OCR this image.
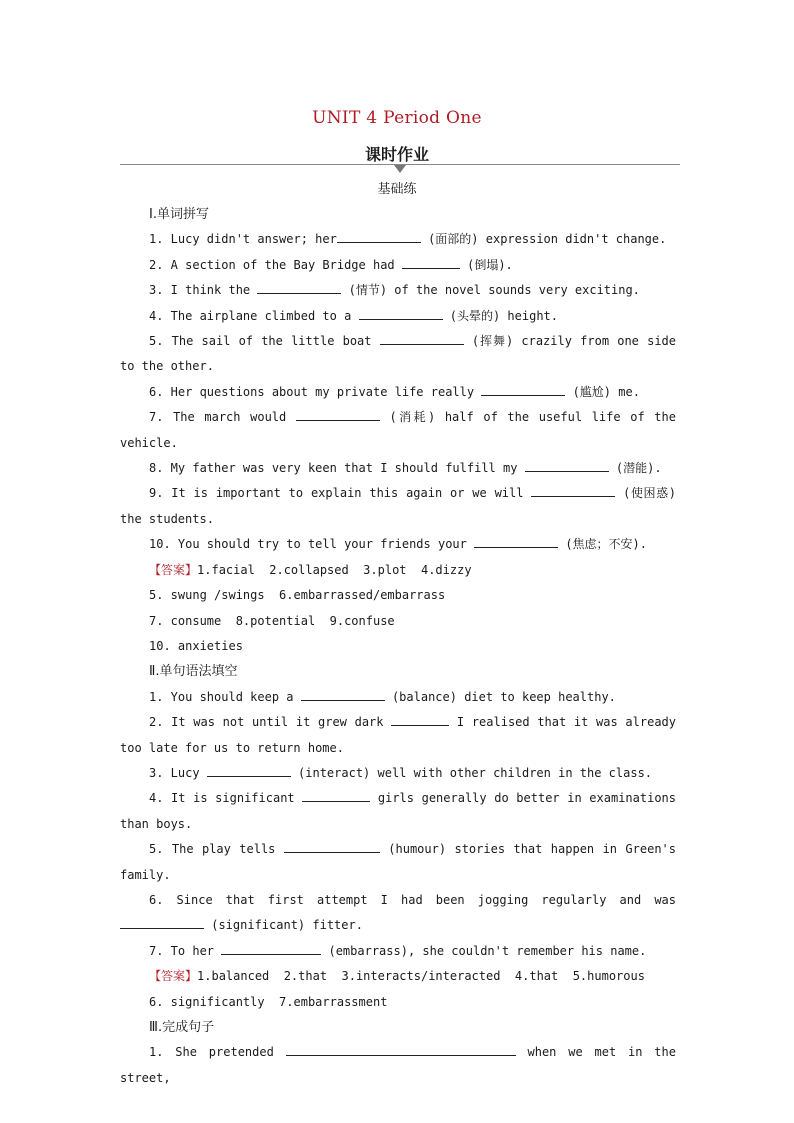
UNIT 4 Period One
课时作业
基础练
Ⅰ.单词拼写
1. Lucy didn't answer; her	(面部的) expression didn't change.
2. A section of the Bay Bridge had	(倒塌).
3. I think the	(情节) of the novel sounds very exciting.
4. The airplane climbed to a	(头晕的) height.
5. The sail of the little boat	(挥舞) crazily from one side to the other.
6. Her questions about my private life really	(尴尬) me.
7. The march would	(消耗) half of the useful life of the vehicle.
8. My father was very keen that I should fulfill my	(潜能).
9. It is important to explain this again or we will	(使困惑) the students.
10. You should try to tell your friends your	(焦虑；不安).
【答案】1.facial  2.collapsed  3.plot  4.dizzy
5. swung /swings  6.embarrassed/embarrass
7. consume  8.potential  9.confuse
10. anxieties
Ⅱ.单句语法填空
1. You should keep a	(balance) diet to keep healthy.
2. It was not until it grew dark	I realised that it was already too late for us to return home.
3. Lucy	(interact) well with other children in the class.
4. It is significant	girls generally do better in examinations than boys.
5. The play tells	(humour) stories that happen in Green's family.
6. Since that first attempt I had been jogging regularly and was  (significant) fitter.
7. To her	(embarrass), she couldn't remember his name.
【答案】1.balanced  2.that  3.interacts/interacted  4.that  5.humorous
6. significantly  7.embarrassment
Ⅲ.完成句子
1. She pretended	when we met in the street,
